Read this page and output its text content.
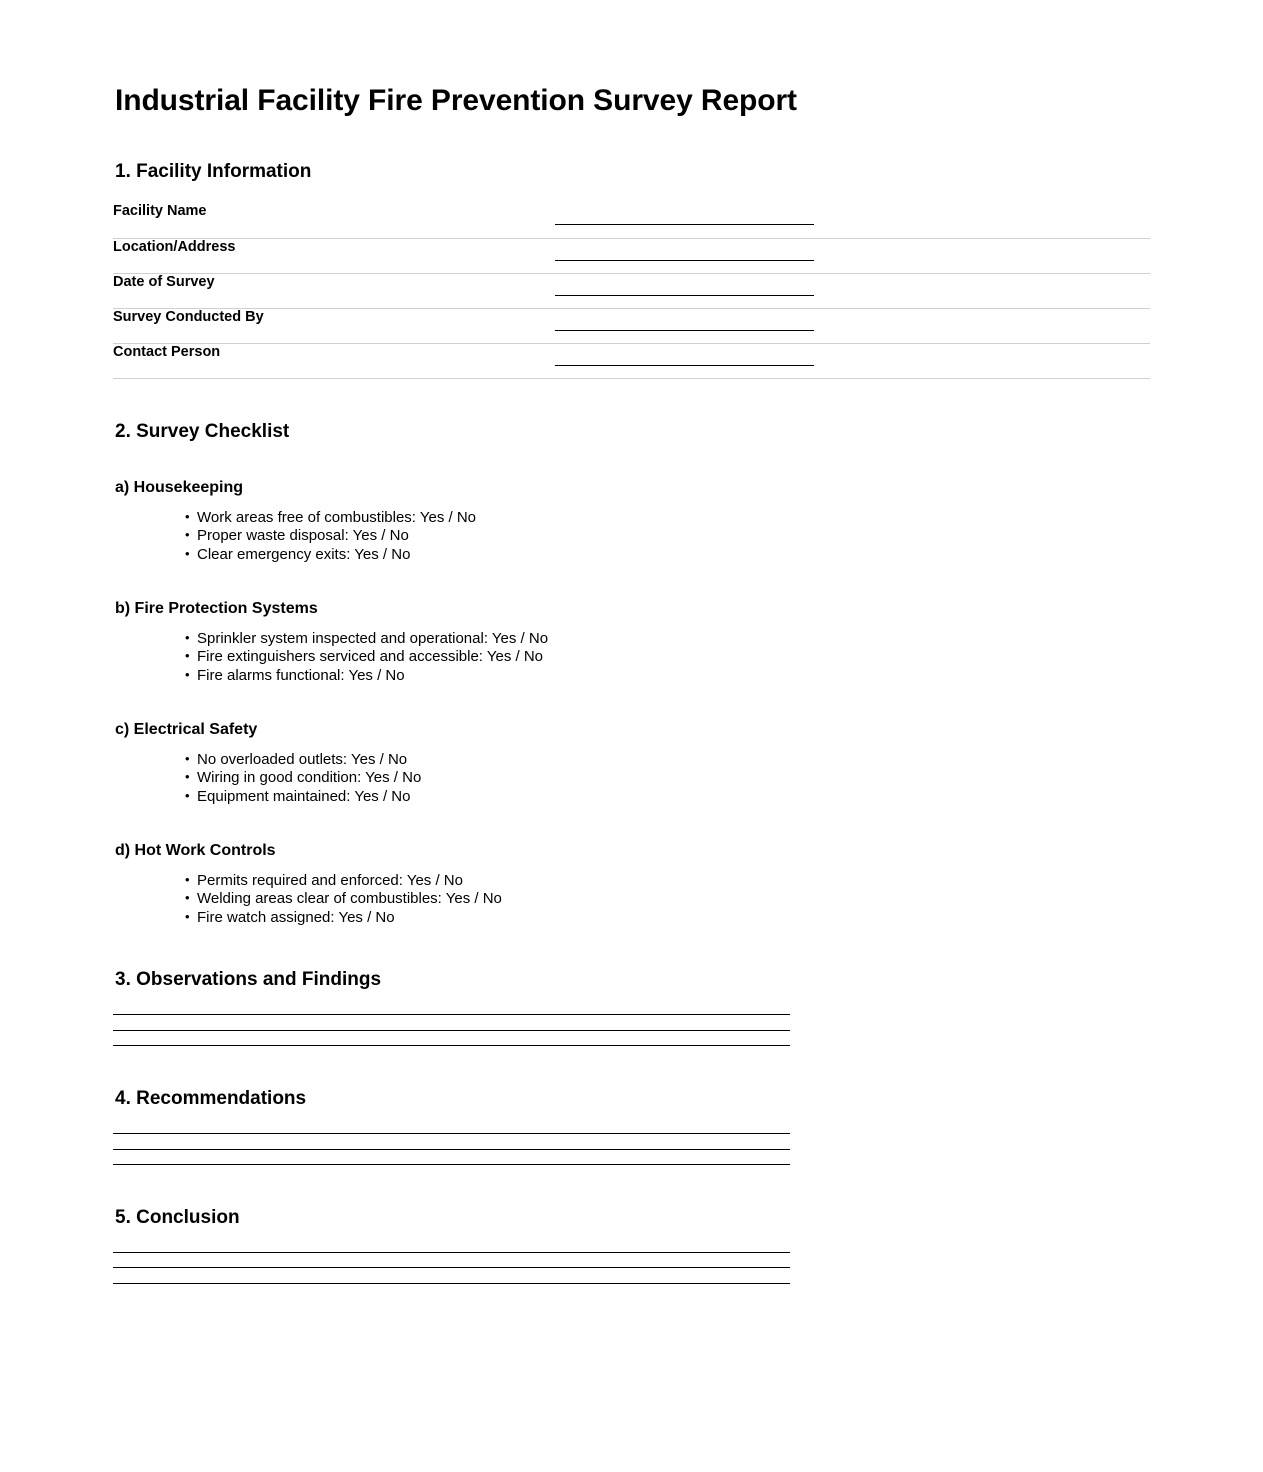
Industrial Facility Fire Prevention Survey Report
1. Facility Information
Facility Name	

Location/Address	

Date of Survey	

Survey Conducted By	

Contact Person	
2. Survey Checklist
a) Housekeeping
• Work areas free of combustibles: Yes / No
• Proper waste disposal: Yes / No
• Clear emergency exits: Yes / No
b) Fire Protection Systems
• Sprinkler system inspected and operational: Yes / No
• Fire extinguishers serviced and accessible: Yes / No
• Fire alarms functional: Yes / No
c) Electrical Safety
• No overloaded outlets: Yes / No
• Wiring in good condition: Yes / No
• Equipment maintained: Yes / No
d) Hot Work Controls
• Permits required and enforced: Yes / No
• Welding areas clear of combustibles: Yes / No
• Fire watch assigned: Yes / No
3. Observations and Findings
4. Recommendations
5. Conclusion
